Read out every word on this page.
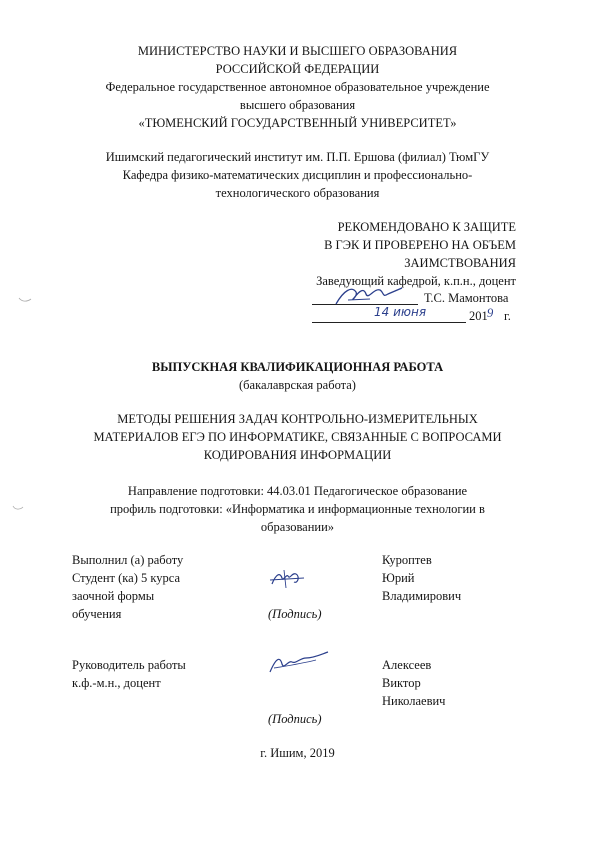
МИНИСТЕРСТВО НАУКИ И ВЫСШЕГО ОБРАЗОВАНИЯ
РОССИЙСКОЙ ФЕДЕРАЦИИ
Федеральное государственное автономное образовательное учреждение
высшего образования
«ТЮМЕНСКИЙ ГОСУДАРСТВЕННЫЙ УНИВЕРСИТЕТ»
Ишимский педагогический институт им. П.П. Ершова (филиал) ТюмГУ
Кафедра физико-математических дисциплин и профессионально-
технологического образования
РЕКОМЕНДОВАНО К ЗАЩИТЕ
В ГЭК И ПРОВЕРЕНО НА ОБЪЕМ
ЗАИМСТВОВАНИЯ
Заведующий кафедрой, к.п.н., доцент
Т.С. Мамонтова
14 июня	201 9 г.
ВЫПУСКНАЯ КВАЛИФИКАЦИОННАЯ РАБОТА
(бакалаврская работа)
МЕТОДЫ РЕШЕНИЯ ЗАДАЧ КОНТРОЛЬНО-ИЗМЕРИТЕЛЬНЫХ
МАТЕРИАЛОВ ЕГЭ ПО ИНФОРМАТИКЕ, СВЯЗАННЫЕ С ВОПРОСАМИ
КОДИРОВАНИЯ ИНФОРМАЦИИ
Направление подготовки: 44.03.01 Педагогическое образование
профиль подготовки: «Информатика и информационные технологии в
образовании»
Выполнил (а) работу
Студент (ка) 5 курса
заочной формы
обучения	(Подпись)
Куроптев
Юрий
Владимирович
Руководитель работы
к.ф.-м.н., доцент
(Подпись)
Алексеев
Виктор
Николаевич
г. Ишим, 2019
